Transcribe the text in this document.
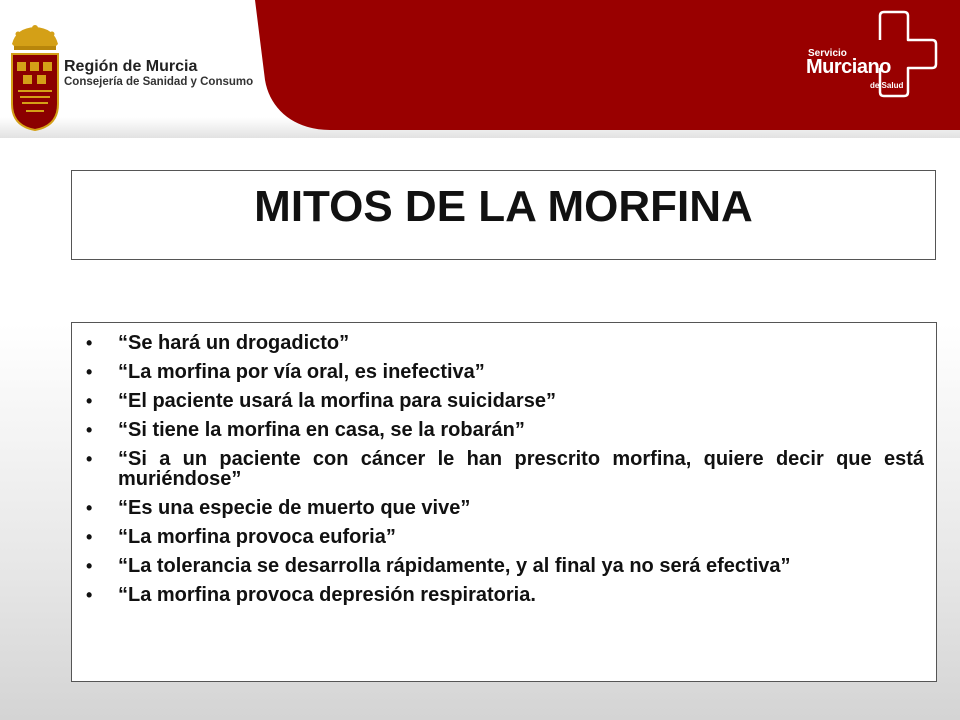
Región de Murcia
Consejería de Sanidad y Consumo
Servicio
Murciano
de Salud
MITOS DE LA MORFINA
•	“Se hará un drogadicto”
•	“La morfina por vía oral, es inefectiva”
•	“El paciente usará la morfina para suicidarse”
•	“Si tiene la morfina en casa, se la robarán”
•	“Si a un paciente con cáncer le han prescrito morfina, quiere decir que está muriéndose”
•	“Es una especie de muerto que vive”
•	“La morfina provoca euforia”
•	“La tolerancia se desarrolla rápidamente, y al final ya no será efectiva”
•	“La morfina provoca depresión respiratoria.
